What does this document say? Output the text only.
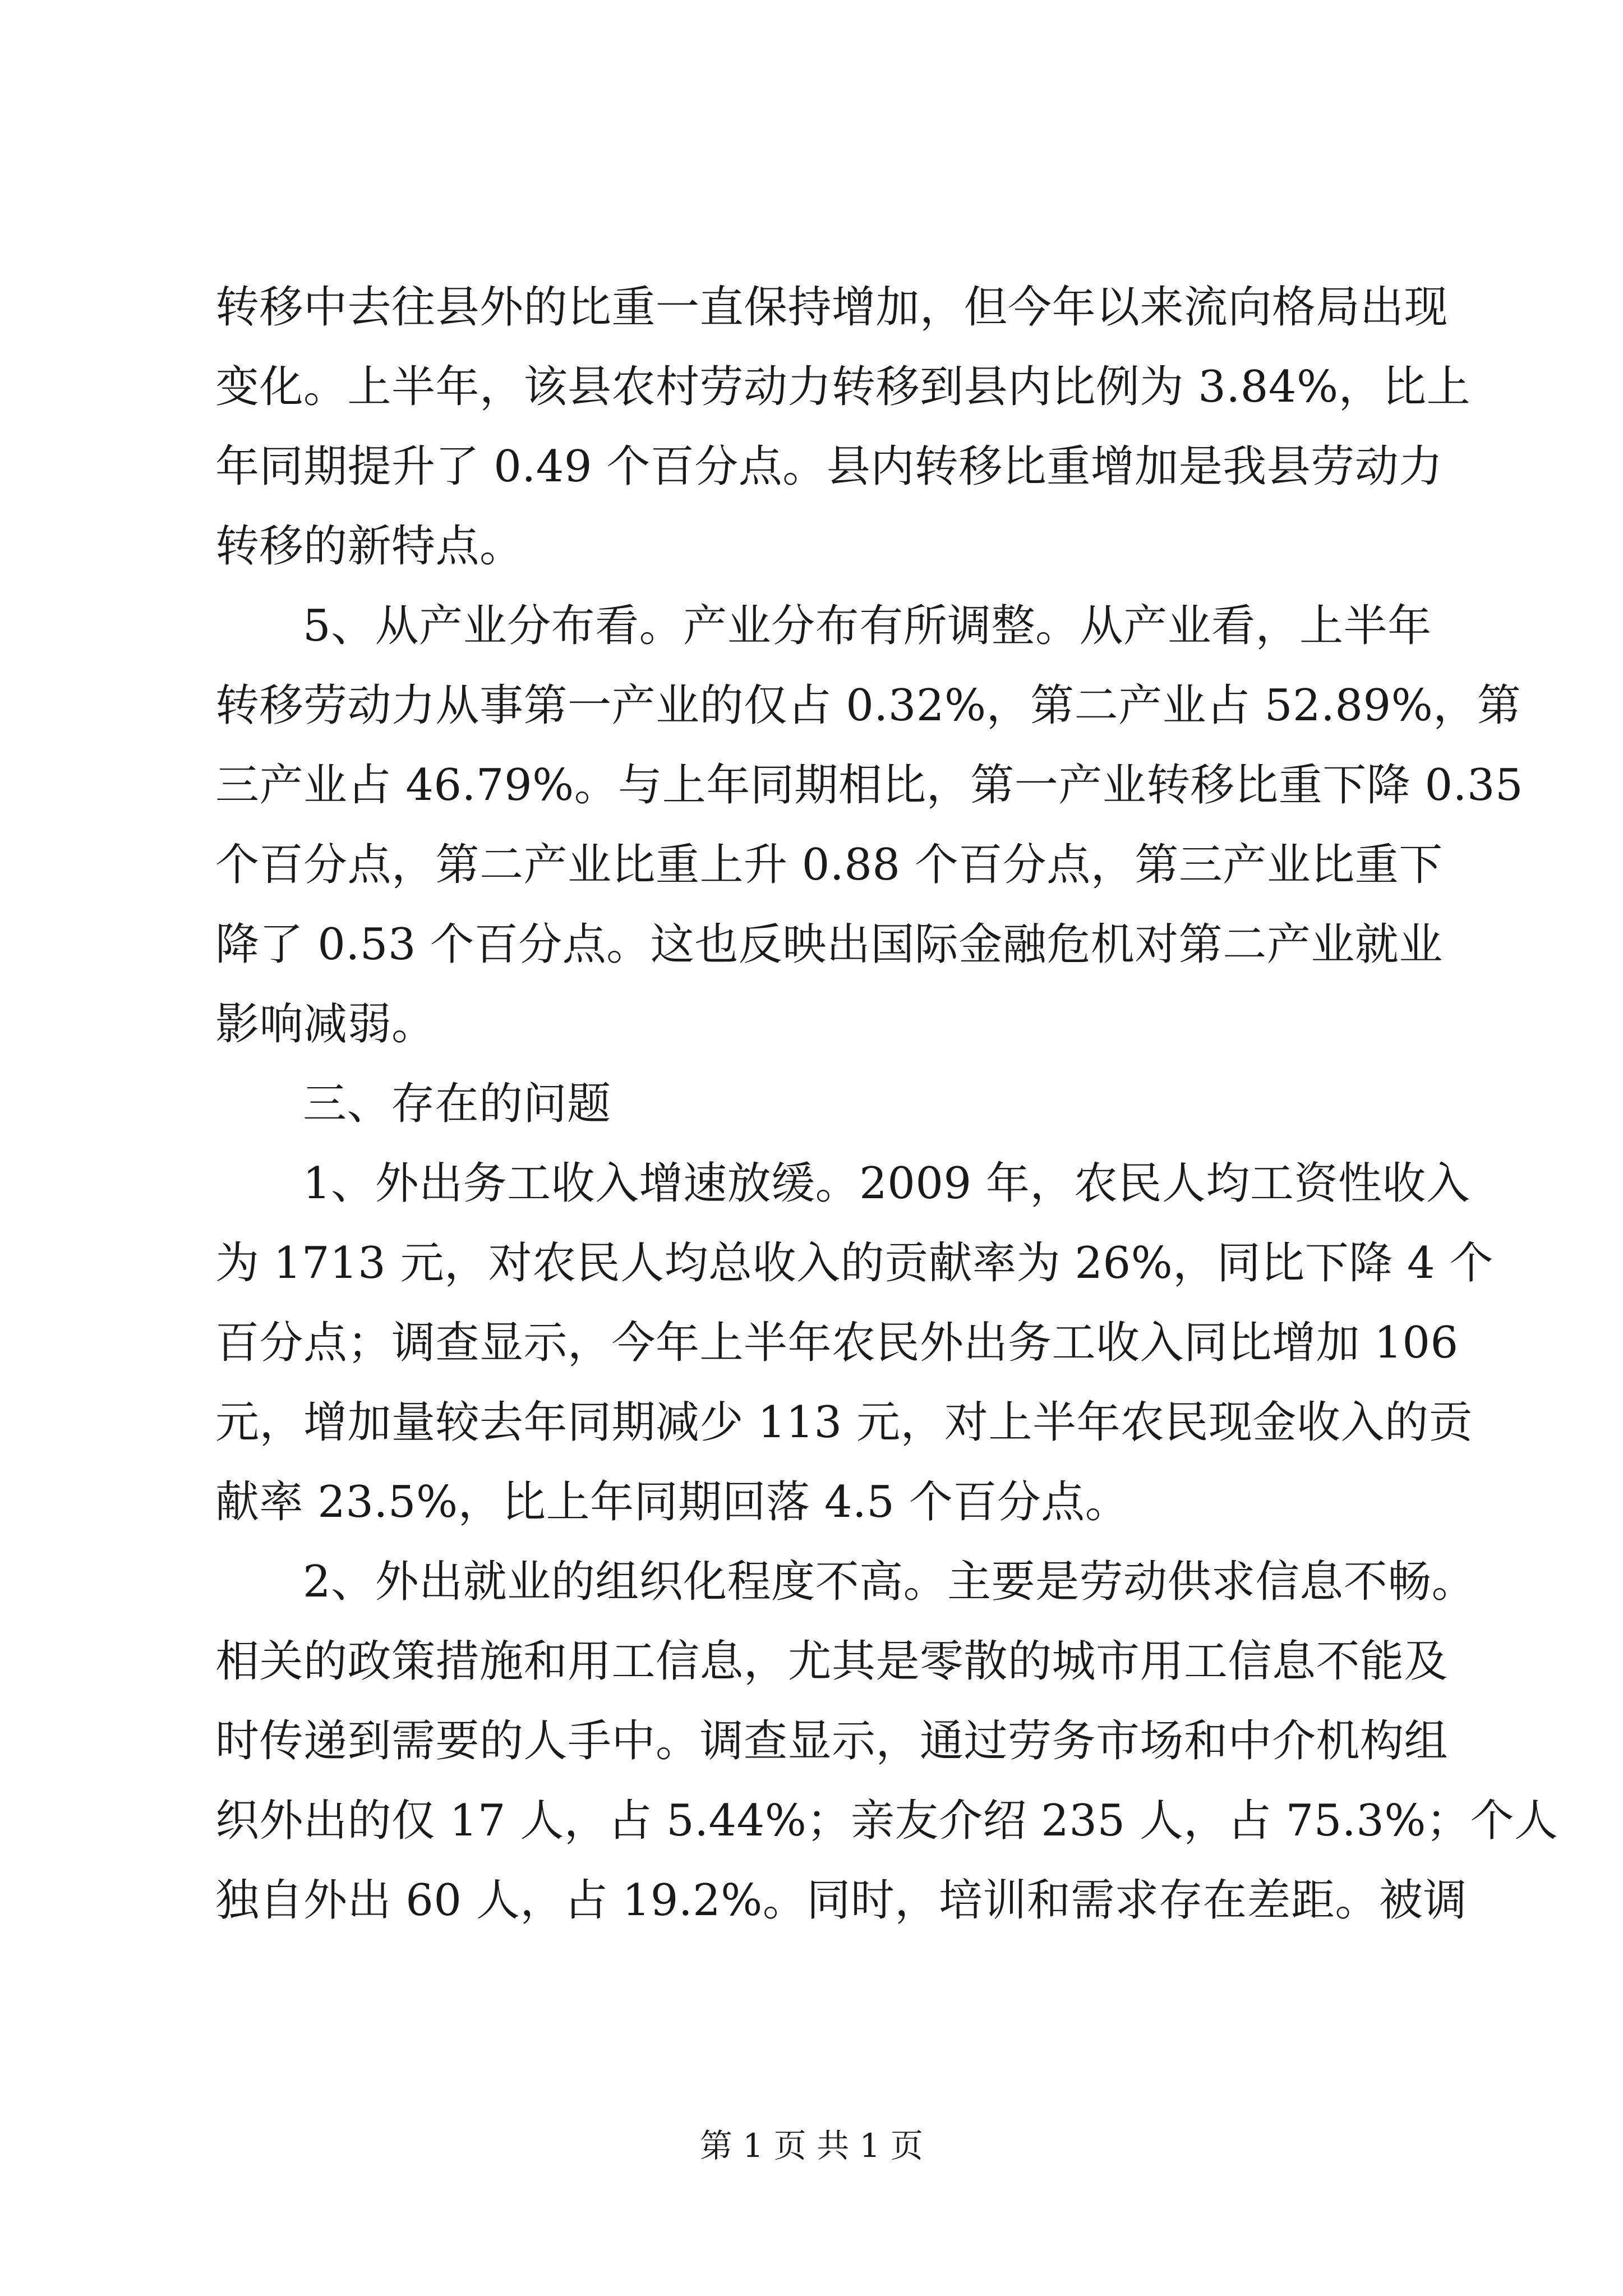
转移中去往县外的比重一直保持增加，但今年以来流向格局出现
变化。上半年，该县农村劳动力转移到县内比例为 3.84%，比上
年同期提升了 0.49 个百分点。县内转移比重增加是我县劳动力
转移的新特点。
5、从产业分布看。产业分布有所调整。从产业看，上半年
转移劳动力从事第一产业的仅占 0.32%，第二产业占 52.89%，第
三产业占 46.79%。与上年同期相比，第一产业转移比重下降 0.35
个百分点，第二产业比重上升 0.88 个百分点，第三产业比重下
降了 0.53 个百分点。这也反映出国际金融危机对第二产业就业
影响减弱。
三、存在的问题
1、外出务工收入增速放缓。2009 年，农民人均工资性收入
为 1713 元，对农民人均总收入的贡献率为 26%，同比下降 4 个
百分点；调查显示，今年上半年农民外出务工收入同比增加 106
元，增加量较去年同期减少 113 元，对上半年农民现金收入的贡
献率 23.5%，比上年同期回落 4.5 个百分点。
2、外出就业的组织化程度不高。主要是劳动供求信息不畅。
相关的政策措施和用工信息，尤其是零散的城市用工信息不能及
时传递到需要的人手中。调查显示，通过劳务市场和中介机构组
织外出的仅 17 人，占 5.44%；亲友介绍 235 人，占 75.3%；个人
独自外出 60 人，占 19.2%。同时，培训和需求存在差距。被调
第 1 页 共 1 页
